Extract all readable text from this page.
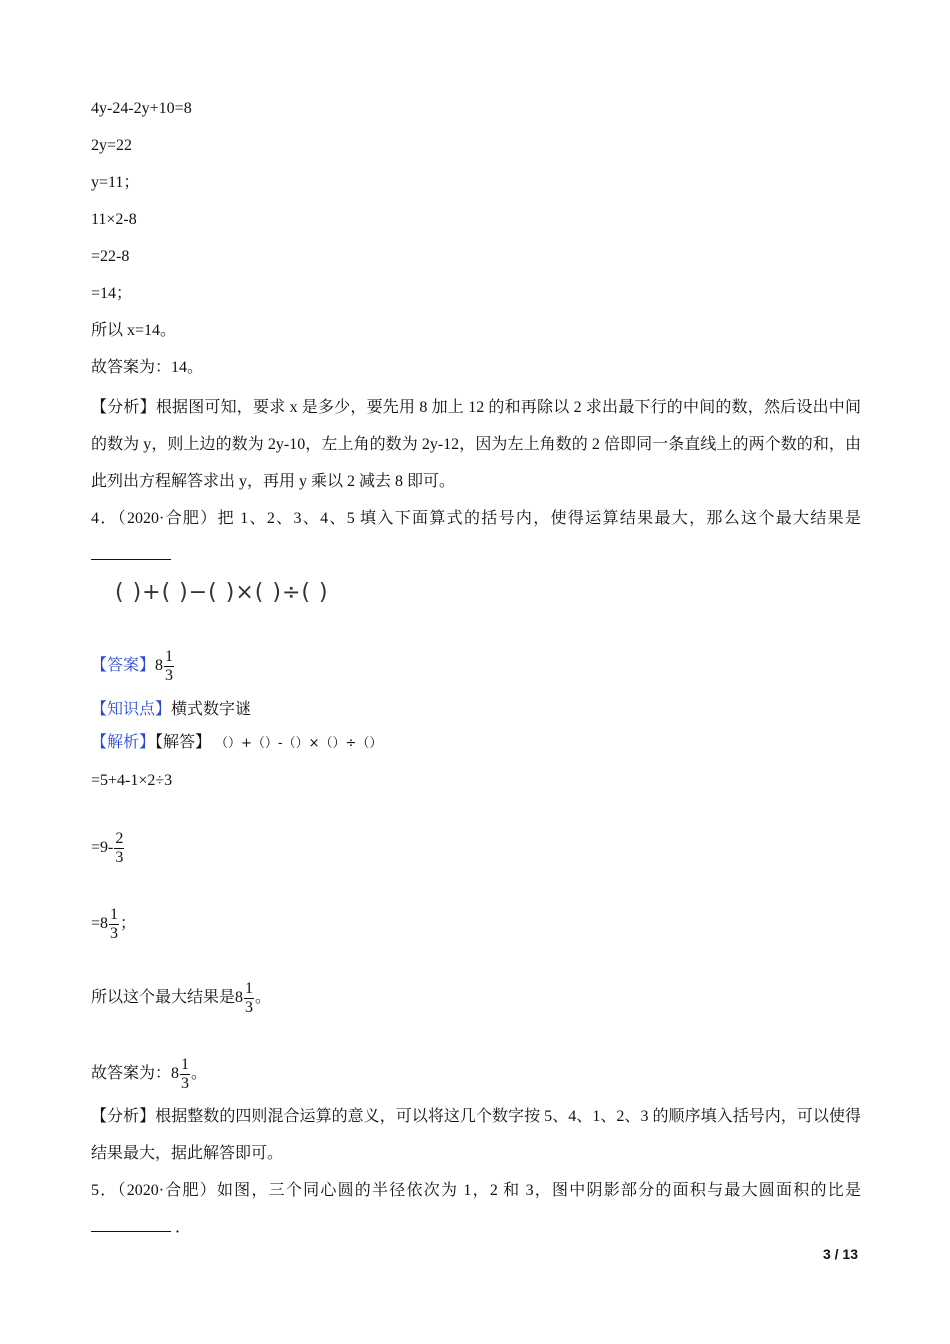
4y-24-2y+10=8
2y=22
y=11；
11×2-8
=22-8
=14；
所以 x=14。
故答案为：14。
【分析】根据图可知，要求 x 是多少，要先用 8 加上 12 的和再除以 2 求出最下行的中间的数，然后设出中间的数为 y，则上边的数为 2y-10，左上角的数为 2y-12，因为左上角数的 2 倍即同一条直线上的两个数的和，由此列出方程解答求出 y，再用 y 乘以 2 减去 8 即可。
4．（2020·合肥）把 1、2、3、4、5 填入下面算式的括号内，使得运算结果最大，那么这个最大结果是
( )+( )−( )×( )÷( )
【答案】$8 \frac{1}{3}$
【知识点】横式数字谜
【解析】【解答】 （）+（）-（）×（）÷（）
=5+4-1×2÷3
$=9- \frac{2}{3}$
$=8 \frac{1}{3}$ ；
所以这个最大结果是$8 \frac{1}{3}$ 。
故答案为：$8 \frac{1}{3}$ 。
【分析】根据整数的四则混合运算的意义，可以将这几个数字按 5、4、1、2、3 的顺序填入括号内，可以使得结果最大，据此解答即可。
5．（2020·合肥）如图，三个同心圆的半径依次为 1，2 和 3，图中阴影部分的面积与最大圆面积的比是  ．
3 / 13
